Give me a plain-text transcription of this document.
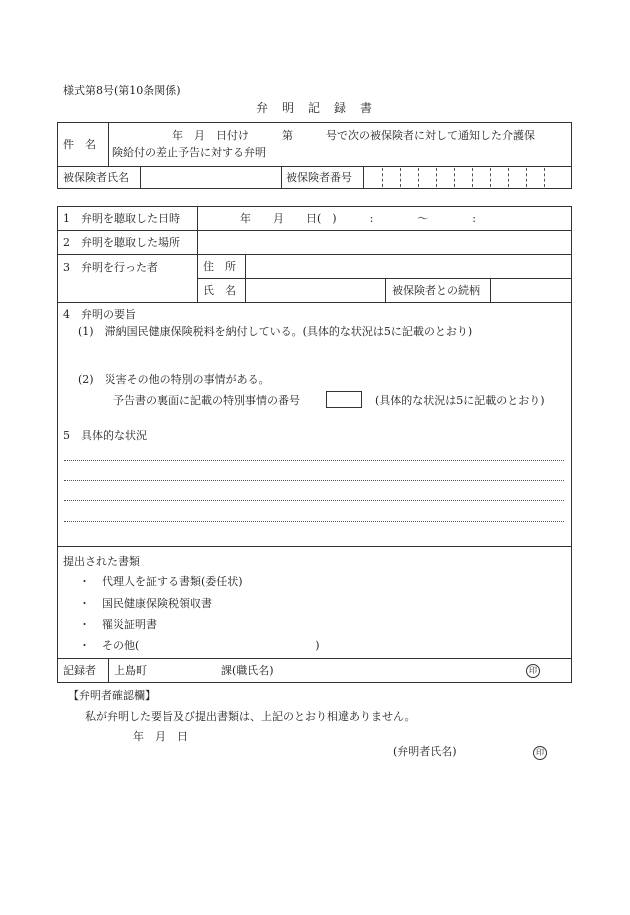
様式第8号(第10条関係)
弁　明　記　録　書
件　名
年　月　日付け　　　第　　　号で次の被保険者に対して通知した介護保
険給付の差止予告に対する弁明
被保険者氏名	被保険者番号
1　弁明を聴取した日時	年　　月　　日(　)　　　:　　　　〜　　　　:
2　弁明を聴取した場所
3　弁明を行った者	住　所
氏　名	被保険者との続柄
4　弁明の要旨
(1)　滞納国民健康保険税料を納付している。(具体的な状況は5に記載のとおり)
(2)　災害その他の特別の事情がある。
予告書の裏面に記載の特別事情の番号	(具体的な状況は5に記載のとおり)
5　具体的な状況
提出された書類
・ 代理人を証する書類(委任状)
・ 国民健康保険税領収書
・ 罹災証明書
・ その他(　　　　　　　　　　　　　　　　)
記録者 上島町	課(職氏名)	印
【弁明者確認欄】
私が弁明した要旨及び提出書類は、上記のとおり相違ありません。
年　月　日
(弁明者氏名)	印
